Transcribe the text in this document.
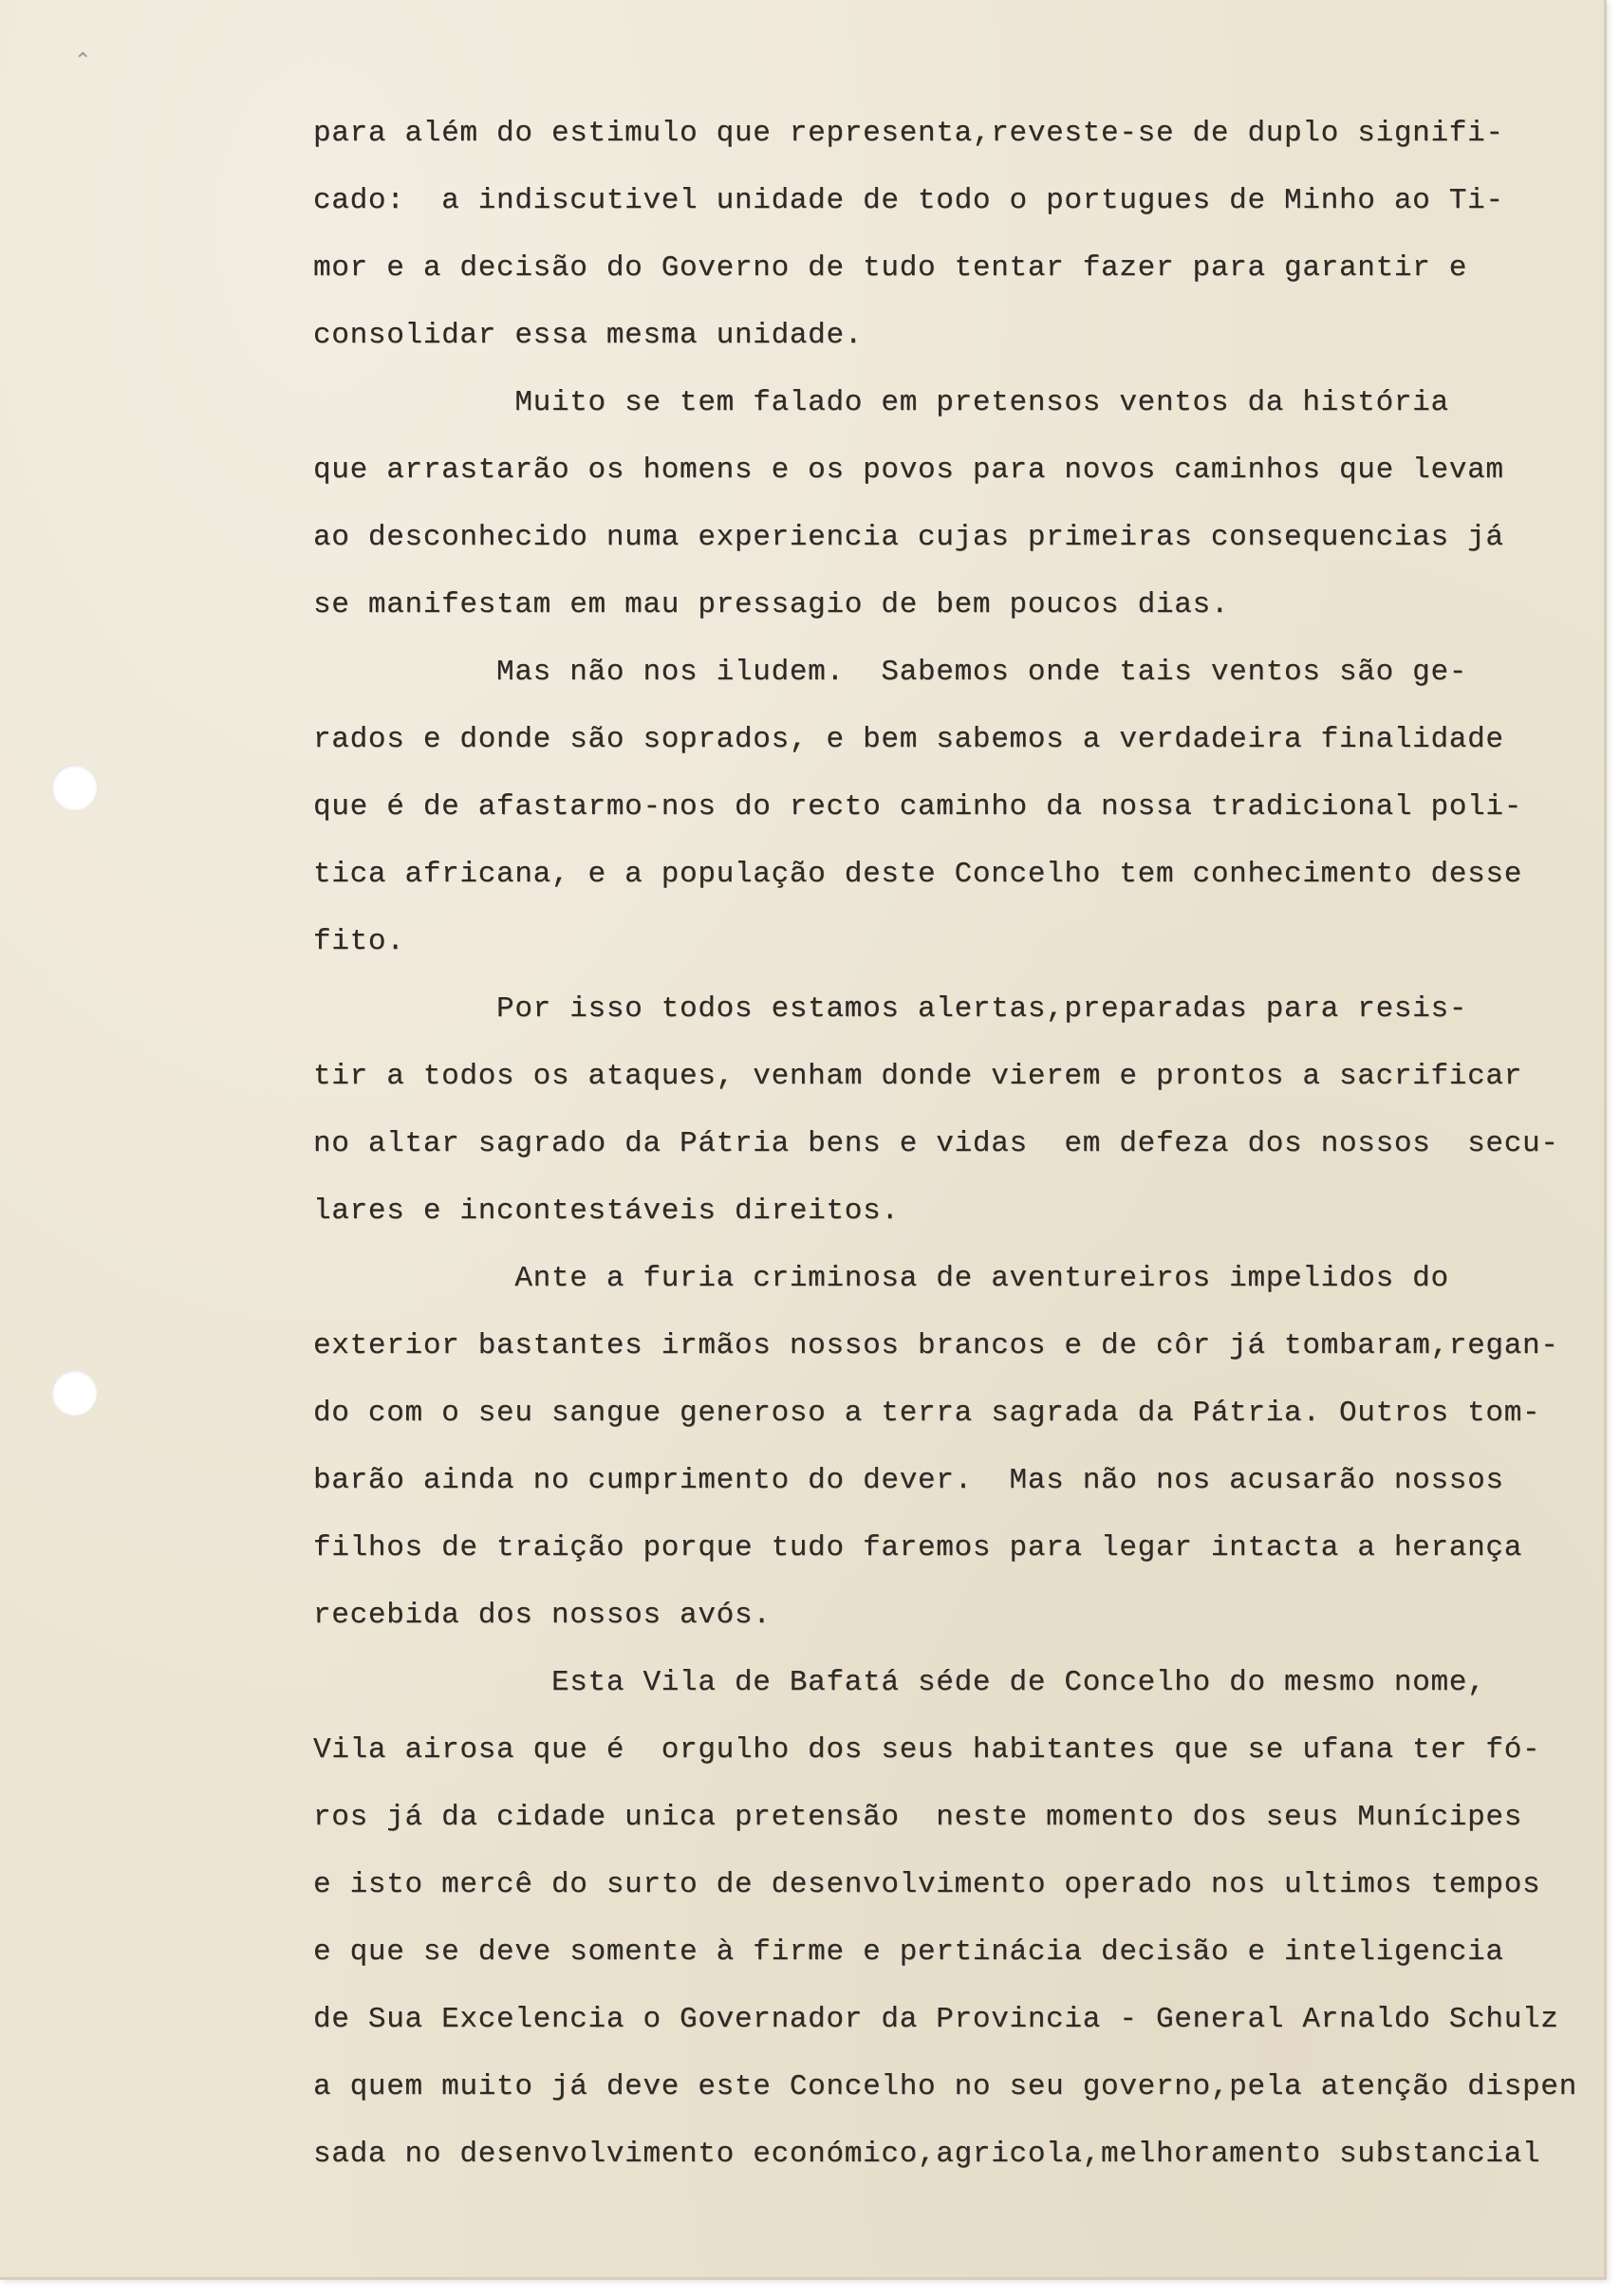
⌃
para além do estimulo que representa,reveste-se de duplo signifi-
cado:  a indiscutivel unidade de todo o portugues de Minho ao Ti-
mor e a decisão do Governo de tudo tentar fazer para garantir e
consolidar essa mesma unidade.
Muito se tem falado em pretensos ventos da história
que arrastarão os homens e os povos para novos caminhos que levam
ao desconhecido numa experiencia cujas primeiras consequencias já
se manifestam em mau pressagio de bem poucos dias.
Mas não nos iludem.  Sabemos onde tais ventos são ge-
rados e donde são soprados, e bem sabemos a verdadeira finalidade
que é de afastarmo-nos do recto caminho da nossa tradicional poli-
tica africana, e a população deste Concelho tem conhecimento desse
fito.
Por isso todos estamos alertas,preparadas para resis-
tir a todos os ataques, venham donde vierem e prontos a sacrificar
no altar sagrado da Pátria bens e vidas  em defeza dos nossos  secu-
lares e incontestáveis direitos.
Ante a furia criminosa de aventureiros impelidos do
exterior bastantes irmãos nossos brancos e de côr já tombaram,regan-
do com o seu sangue generoso a terra sagrada da Pátria. Outros tom-
barão ainda no cumprimento do dever.  Mas não nos acusarão nossos
filhos de traição porque tudo faremos para legar intacta a herança
recebida dos nossos avós.
Esta Vila de Bafatá séde de Concelho do mesmo nome,
Vila airosa que é  orgulho dos seus habitantes que se ufana ter fó-
ros já da cidade unica pretensão  neste momento dos seus Munícipes
e isto mercê do surto de desenvolvimento operado nos ultimos tempos
e que se deve somente à firme e pertinácia decisão e inteligencia
de Sua Excelencia o Governador da Provincia - General Arnaldo Schulz
a quem muito já deve este Concelho no seu governo,pela atenção dispen
sada no desenvolvimento económico,agricola,melhoramento substancial
